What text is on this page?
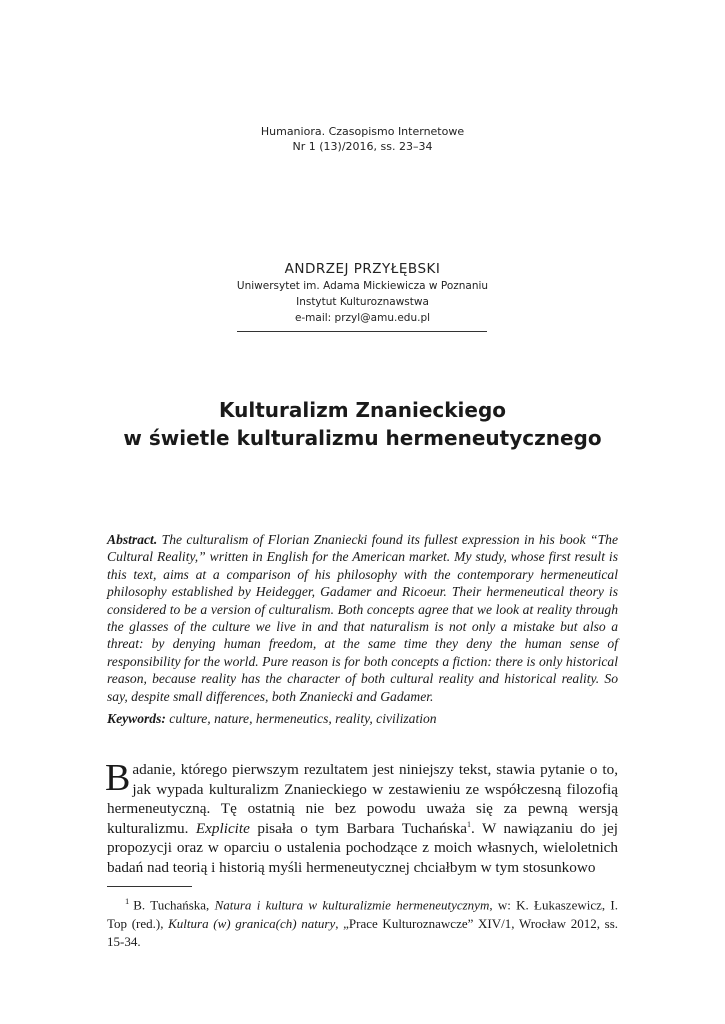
Humaniora. Czasopismo Internetowe
Nr 1 (13)/2016, ss. 23–34
ANDRZEJ PRZYŁĘBSKI
Uniwersytet im. Adama Mickiewicza w Poznaniu
Instytut Kulturoznawstwa
e-mail: przyl@amu.edu.pl
Kulturalizm Znanieckiego
w świetle kulturalizmu hermeneutycznego
Abstract. The culturalism of Florian Znaniecki found its fullest expression in his book “The Cultural Reality,” written in English for the American market. My study, whose first result is this text, aims at a comparison of his philosophy with the contemporary hermeneutical philosophy established by Heidegger, Gadamer and Ricoeur. Their hermeneutical theory is considered to be a version of culturalism. Both concepts agree that we look at reality through the glasses of the culture we live in and that naturalism is not only a mistake but also a threat: by denying human freedom, at the same time they deny the human sense of responsibility for the world. Pure reason is for both concepts a fiction: there is only historical reason, because reality has the character of both cultural reality and historical reality. So say, despite small differences, both Znaniecki and Gadamer.
Keywords: culture, nature, hermeneutics, reality, civilization
Badanie, którego pierwszym rezultatem jest niniejszy tekst, stawia pytanie o to, jak wypada kulturalizm Znanieckiego w zestawieniu ze współczesną filozofią hermeneutyczną. Tę ostatnią nie bez powodu uważa się za pewną wersją kulturalizmu. Explicite pisała o tym Barbara Tuchańska$^1$. W nawiązaniu do jej propozycji oraz w oparciu o ustalenia pochodzące z moich własnych, wieloletnich badań nad teorią i historią myśli hermeneutycznej chciałbym w tym stosunkowo
$^1$ B. Tuchańska, Natura i kultura w kulturalizmie hermeneutycznym, w: K. Łukaszewicz, I. Top (red.), Kultura (w) granica(ch) natury, „Prace Kulturoznawcze” XIV/1, Wrocław 2012, ss. 15-34.
